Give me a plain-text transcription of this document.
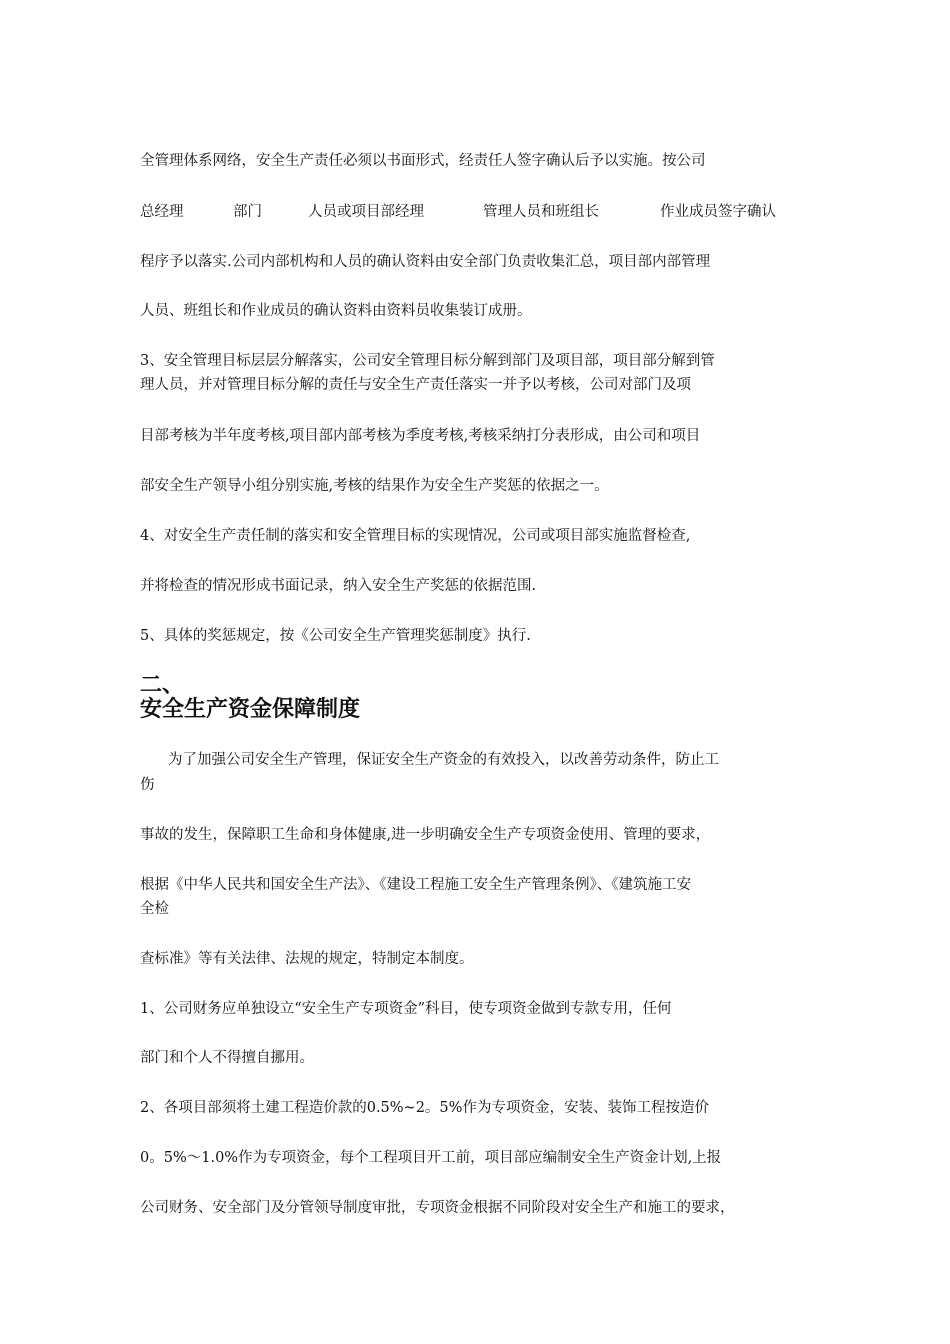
全管理体系网络，安全生产责任必须以书面形式，经责任人签字确认后予以实施。按公司
总经理	部门	人员或项目部经理	管理人员和班组长	作业成员签字确认
程序予以落实.公司内部机构和人员的确认资料由安全部门负责收集汇总，项目部内部管理
人员、班组长和作业成员的确认资料由资料员收集装订成册。
3、安全管理目标层层分解落实，公司安全管理目标分解到部门及项目部，项目部分解到管
理人员，并对管理目标分解的责任与安全生产责任落实一并予以考核，公司对部门及项
目部考核为半年度考核,项目部内部考核为季度考核,考核采纳打分表形成，由公司和项目
部安全生产领导小组分别实施,考核的结果作为安全生产奖惩的依据之一。
4、对安全生产责任制的落实和安全管理目标的实现情况，公司或项目部实施监督检查,
并将检查的情况形成书面记录，纳入安全生产奖惩的依据范围.
5、具体的奖惩规定，按《公司安全生产管理奖惩制度》执行.
二、
安全生产资金保障制度
为了加强公司安全生产管理，保证安全生产资金的有效投入，以改善劳动条件，防止工
伤
事故的发生，保障职工生命和身体健康,进一步明确安全生产专项资金使用、管理的要求，
根据《中华人民共和国安全生产法》、《建设工程施工安全生产管理条例》、《建筑施工安
全检
查标准》等有关法律、法规的规定，特制定本制度。
1、公司财务应单独设立“安全生产专项资金”科目，使专项资金做到专款专用，任何
部门和个人不得擅自挪用。
2、各项目部须将土建工程造价款的0.5%~2。5%作为专项资金，安装、装饰工程按造价
0。5%～1.0%作为专项资金，每个工程项目开工前，项目部应编制安全生产资金计划,上报
公司财务、安全部门及分管领导制度审批，专项资金根据不同阶段对安全生产和施工的要求，
